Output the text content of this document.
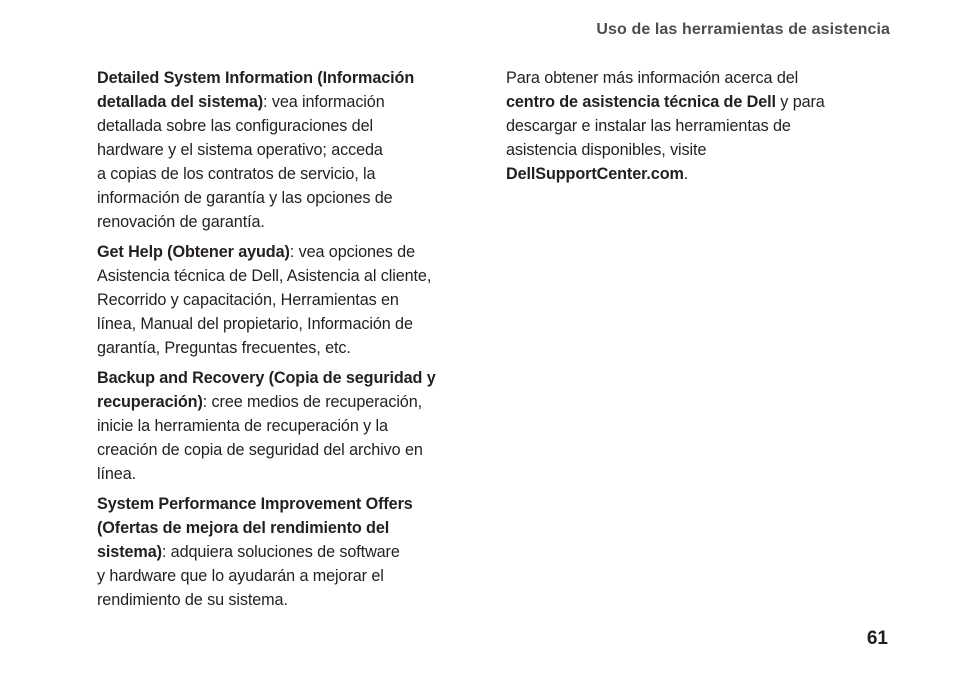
Uso de las herramientas de asistencia

Detailed System Information (Información
detallada del sistema): vea información
detallada sobre las configuraciones del
hardware y el sistema operativo; acceda
a copias de los contratos de servicio, la
información de garantía y las opciones de
renovación de garantía.

Get Help (Obtener ayuda): vea opciones de
Asistencia técnica de Dell, Asistencia al cliente,
Recorrido y capacitación, Herramientas en
línea, Manual del propietario, Información de
garantía, Preguntas frecuentes, etc.

Backup and Recovery (Copia de seguridad y
recuperación): cree medios de recuperación,
inicie la herramienta de recuperación y la
creación de copia de seguridad del archivo en
línea.

System Performance Improvement Offers
(Ofertas de mejora del rendimiento del
sistema): adquiera soluciones de software
y hardware que lo ayudarán a mejorar el
rendimiento de su sistema.

Para obtener más información acerca del
centro de asistencia técnica de Dell y para
descargar e instalar las herramientas de
asistencia disponibles, visite
DellSupportCenter.com.

61
